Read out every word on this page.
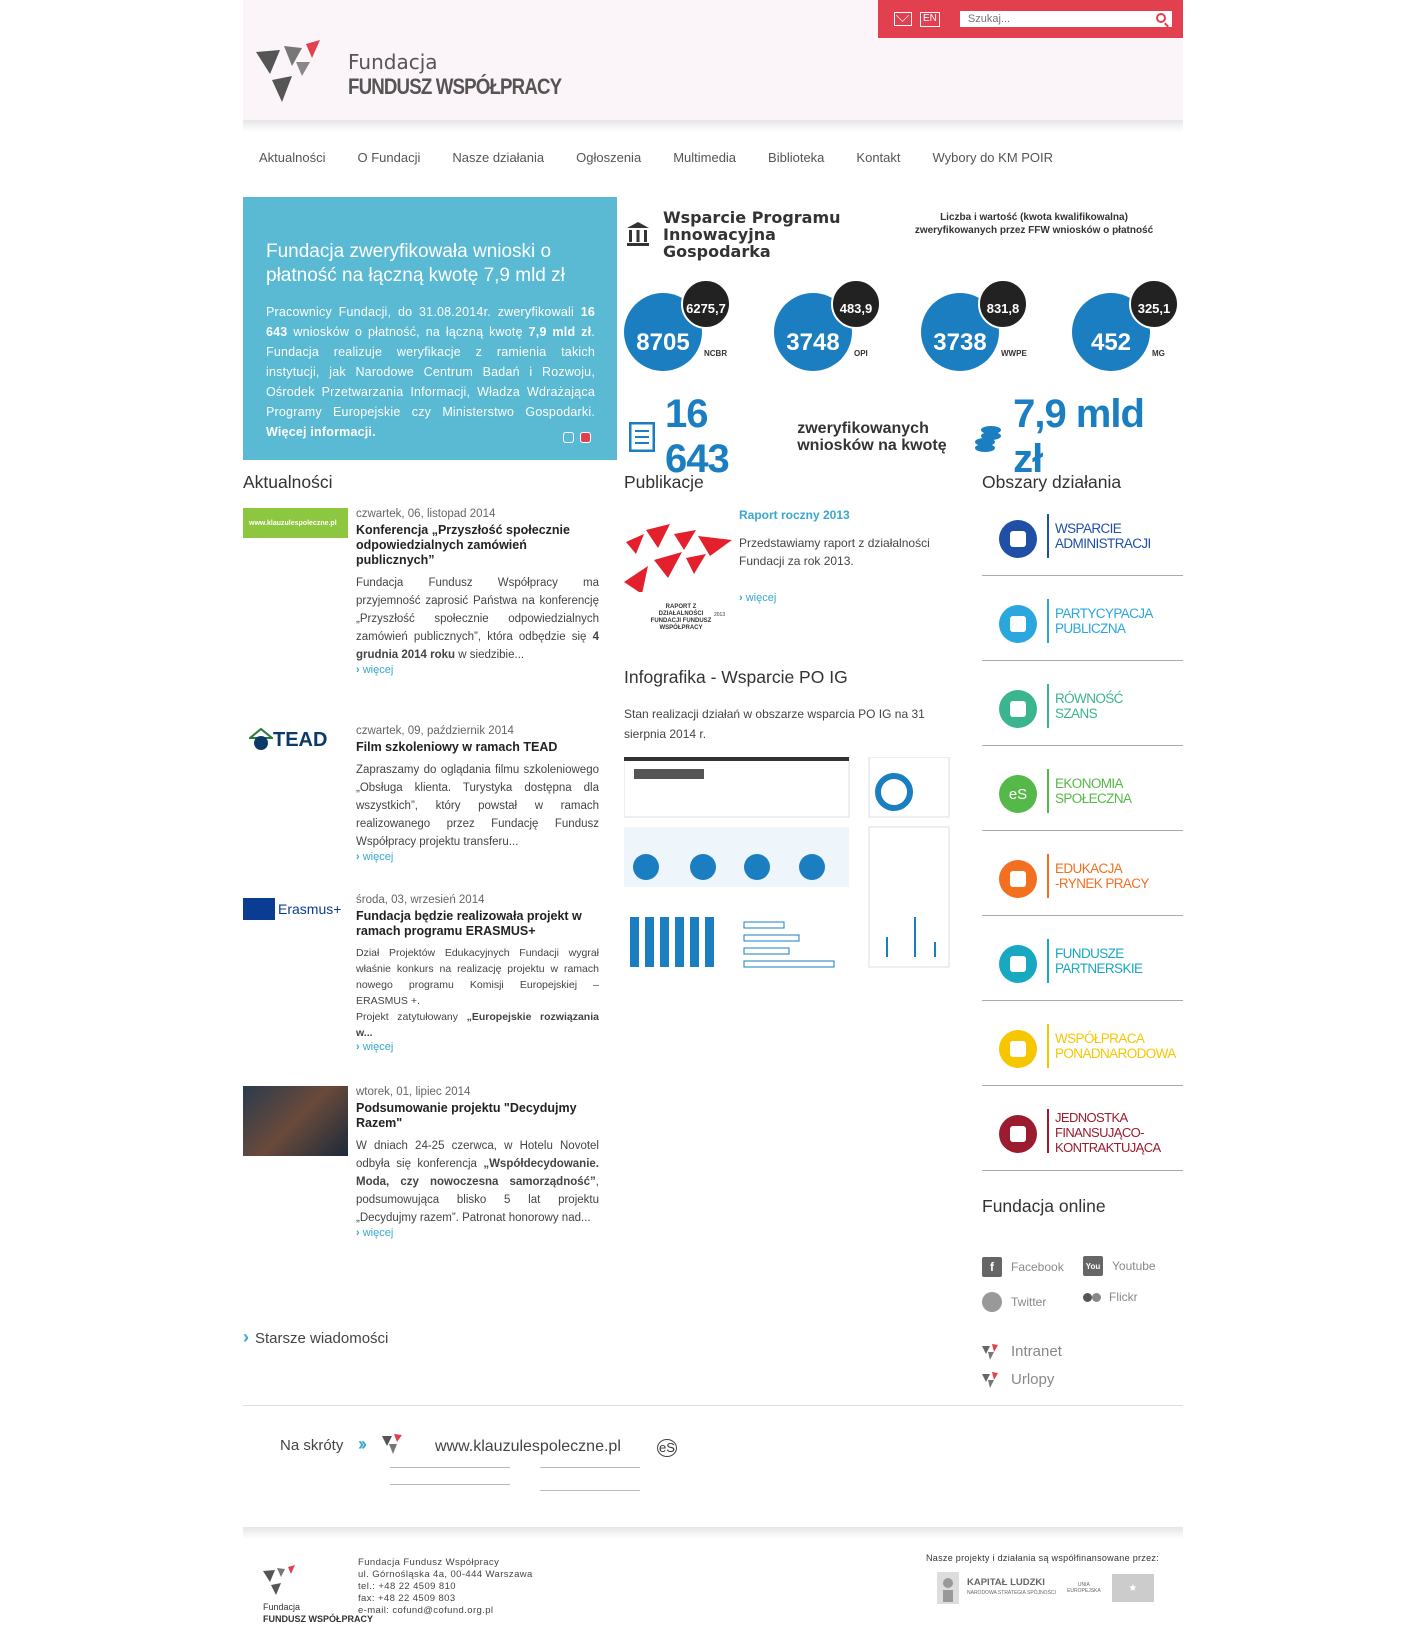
Fundacja
FUNDUSZ WSPÓŁPRACY
EN
Szukaj...
Aktualności	O Fundacji	Nasze działania	Ogłoszenia	Multimedia	Biblioteka	Kontakt	Wybory do KM POIR
Fundacja zweryfikowała wnioski o płatność na łączną kwotę 7,9 mld zł

Pracownicy Fundacji, do 31.08.2014r. zweryfikowali 16 643 wniosków o płatność, na łączną kwotę 7,9 mld zł. Fundacja realizuje weryfikacje z ramienia takich instytucji, jak Narodowe Centrum Badań i Rozwoju, Ośrodek Przetwarzania Informacji, Władza Wdrażająca Programy Europejskie czy Ministerstwo Gospodarki. Więcej informacji.

Wsparcie Programu Innowacyjna Gospodarka
Liczba i wartość (kwota kwalifikowalna) zweryfikowanych przez FFW wniosków o płatność
8705
6275,7
NCBR	3748
483,9
OPI	3738
831,8
WWPE	452
325,1
MG
16 643
zweryfikowanych wniosków na kwotę
7,9 mld zł
Aktualności
www.klauzulespoleczne.pl
czwartek, 06, listopad 2014
Konferencja „Przyszłość społecznie odpowiedzialnych zamówień publicznych”

Fundacja Fundusz Współpracy ma przyjemność zaprosić Państwa na konferencję „Przyszłość społecznie odpowiedzialnych zamówień publicznych”, która odbędzie się 4 grudnia 2014 roku w siedzibie...

› więcej
TEAD czwartek, 09, październik 2014
Film szkoleniowy w ramach TEAD

Zapraszamy do oglądania filmu szkoleniowego „Obsługa klienta. Turystyka dostępna dla wszystkich”, który powstał w ramach realizowanego przez Fundację Fundusz Współpracy projektu transferu...

› więcej
Erasmus+
środa, 03, wrzesień 2014
Fundacja będzie realizowała projekt w ramach programu ERASMUS+

Dział Projektów Edukacyjnych Fundacji wygrał właśnie konkurs na realizację projektu w ramach nowego programu Komisji Europejskiej – ERASMUS +.
Projekt zatytułowany „Europejskie rozwiązania w...

› więcej
wtorek, 01, lipiec 2014
Podsumowanie projektu "Decydujmy Razem"

W dniach 24-25 czerwca, w Hotelu Novotel odbyła się konferencja „Współdecydowanie. Moda, czy nowoczesna samorządność”, podsumowująca blisko 5 lat projektu „Decydujmy razem”. Patronat honorowy nad...

› więcej
› Starsze wiadomości
Publikacje
RAPORT Z DZIAŁALNOŚCI FUNDACJI FUNDUSZ WSPÓŁPRACY
2013
Raport roczny 2013
Przedstawiamy raport z działalności Fundacji za rok 2013.
› więcej
Infografika - Wsparcie PO IG
Stan realizacji działań w obszarze wsparcia PO IG na 31 sierpnia 2014 r.
Obszary działania
WSPARCIE
ADMINISTRACJI
PARTYCYPACJA
PUBLICZNA
RÓWNOŚĆ
SZANS
eS
EKONOMIA
SPOŁECZNA
EDUKACJA
-RYNEK PRACY
FUNDUSZE
PARTNERSKIE
WSPÓŁPRACA
PONADNARODOWA
JEDNOSTKA
FINANSUJĄCO-
KONTRAKTUJĄCA
Fundacja online
f	Facebook	You Youtube
Twitter	Flickr
Intranet
Urlopy
Na skróty ››	www.klauzulespoleczne.pl	eS
Fundacja
FUNDUSZ WSPÓŁPRACY
Fundacja Fundusz Współpracy
ul. Górnośląska 4a, 00-444 Warszawa
tel.: +48 22 4509 810
fax: +48 22 4509 803
e-mail: cofund@cofund.org.pl
Nasze projekty i działania są współfinansowane przez:
KAPITAŁ LUDZKI
NARODOWA STRATEGIA SPÓJNOŚCI
UNIA EUROPEJSKA	★
